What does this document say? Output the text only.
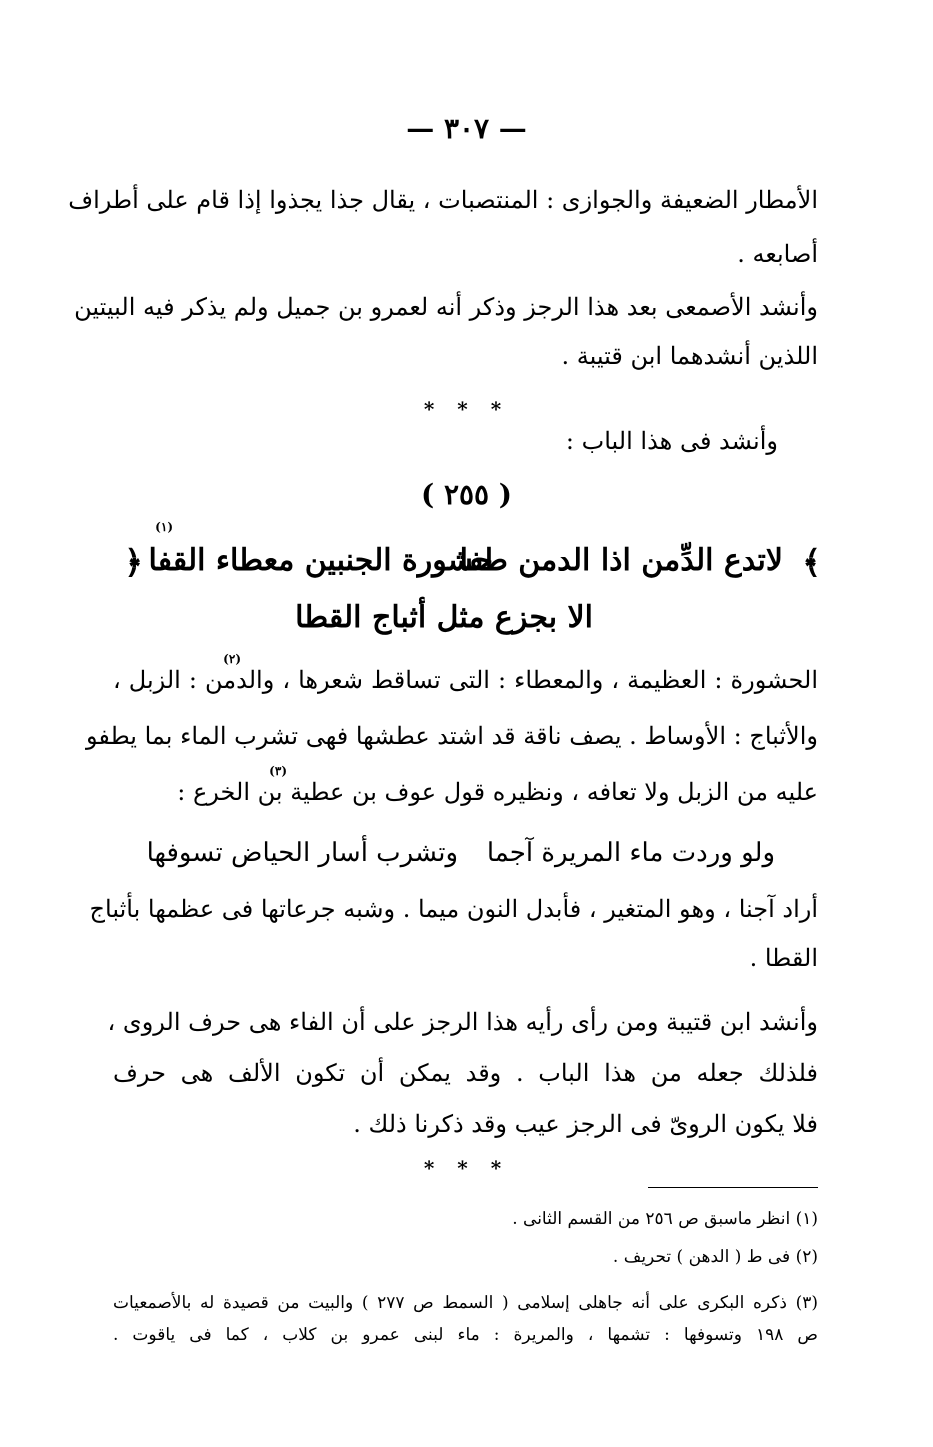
— ٣٠٧ —
الأمطار الضعيفة والجوازى : المنتصبات ، يقال جذا يجذوا إذا قام على أطراف
أصابعه .
وأنشد الأصمعى بعد هذا الرجز وذكر أنه لعمرو بن جميل ولم يذكر فيه البيتين
اللذين أنشدهما ابن قتيبة .
* * *
وأنشد فى هذا الباب :
( ٢٥٥ )
(١)
﴿ حشورة الجنبين معطاء القفا
لاتدع الدِّمن اذا الدمن طفا ﴾
الا بجزع مثل أثباج القطا
(٢)
الحشورة : العظيمة ، والمعطاء : التى تساقط شعرها ، والدمن : الزبل ،
والأثباج : الأوساط . يصف ناقة قد اشتد عطشها فهى تشرب الماء بما يطفو
(٣)
عليه من الزبل ولا تعافه ، ونظيره قول عوف بن عطية بن الخرع :
وتشرب أسار الحياض تسوفها ولو وردت ماء المريرة آجما
أراد آجنا ، وهو المتغير ، فأبدل النون ميما . وشبه جرعاتها فى عظمها بأثباج
القطا .
وأنشد ابن قتيبة ومن رأى رأيه هذا الرجز على أن الفاء هى حرف الروى ،
فلذلك جعله من هذا الباب . وقد يمكن أن تكون الألف هى حرف
فلا يكون الروىّ فى الرجز عيب وقد ذكرنا ذلك .
* * *
(١) انظر ماسبق ص ٢٥٦ من القسم الثانى .
(٢) فى ط ( الدهن ) تحريف .
(٣) ذكره البكرى على أنه جاهلى إسلامى ( السمط ص ٢٧٧ ) والبيت من قصيدة له بالأصمعيات
ص ١٩٨ وتسوفها : تشمها ، والمريرة : ماء لبنى عمرو بن كلاب ، كما فى ياقوت .
